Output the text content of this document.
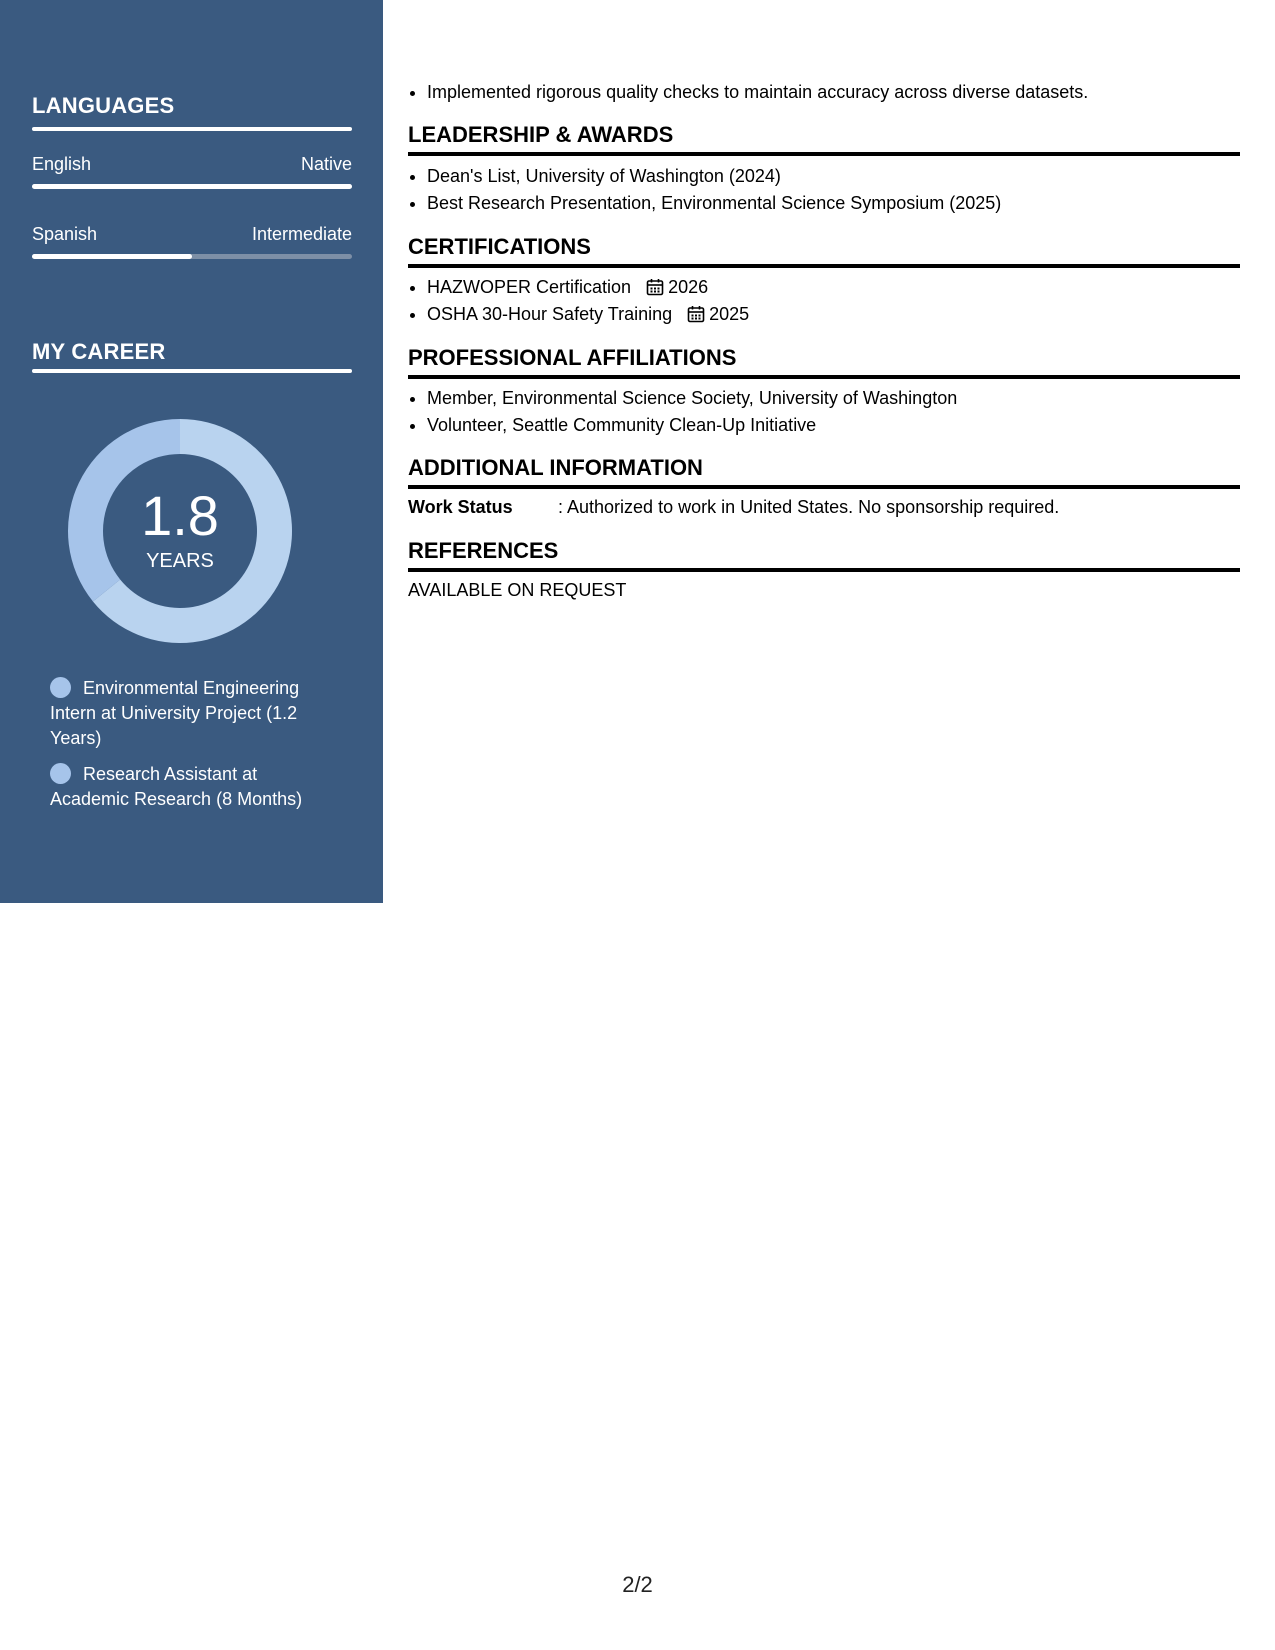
LANGUAGES
English	Native
Spanish	Intermediate
MY CAREER
1.8
YEARS
Environmental Engineering Intern at University Project (1.2 Years)
Research Assistant at Academic Research (8 Months)
• Implemented rigorous quality checks to maintain accuracy across diverse datasets.
LEADERSHIP & AWARDS
• Dean's List, University of Washington (2024)
• Best Research Presentation, Environmental Science Symposium (2025)
CERTIFICATIONS
• HAZWOPER Certification 2026
• OSHA 30-Hour Safety Training 2025
PROFESSIONAL AFFILIATIONS
• Member, Environmental Science Society, University of Washington
• Volunteer, Seattle Community Clean-Up Initiative
ADDITIONAL INFORMATION
Work Status	: Authorized to work in United States. No sponsorship required.
REFERENCES
AVAILABLE ON REQUEST
2/2
